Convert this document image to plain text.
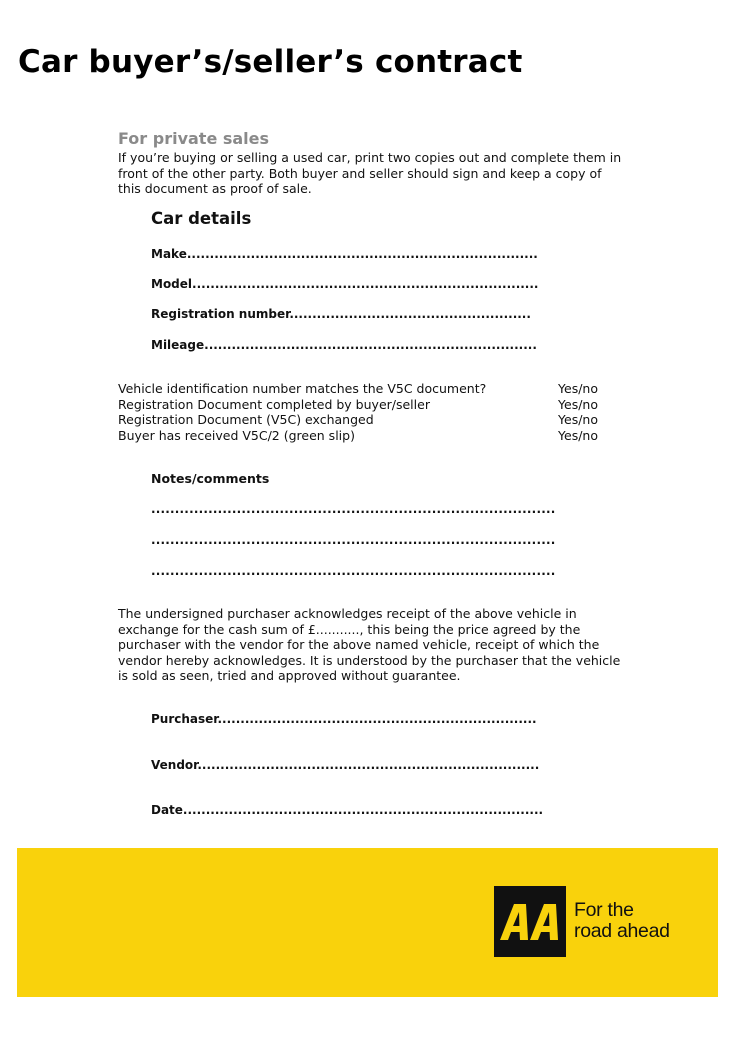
Car buyer’s/seller’s contract
For private sales
If you’re buying or selling a used car, print two copies out and complete them in front of the other party. Both buyer and seller should sign and keep a copy of this document as proof of sale.
Car details
Make.............................................................................
Model............................................................................
Registration number.....................................................
Mileage.........................................................................
Vehicle identification number matches the V5C document?	Yes/no
Registration Document completed by buyer/seller	Yes/no
Registration Document (V5C) exchanged	Yes/no
Buyer has received V5C/2 (green slip)	Yes/no
Notes/comments
.....................................................................................
.....................................................................................
.....................................................................................
The undersigned purchaser acknowledges receipt of the above vehicle in exchange for the cash sum of £..........., this being the price agreed by the purchaser with the vendor for the above named vehicle, receipt of which the vendor hereby acknowledges. It is understood by the purchaser that the vehicle is sold as seen, tried and approved without guarantee.
Purchaser......................................................................
Vendor...........................................................................
Date...............................................................................
For the
road ahead
